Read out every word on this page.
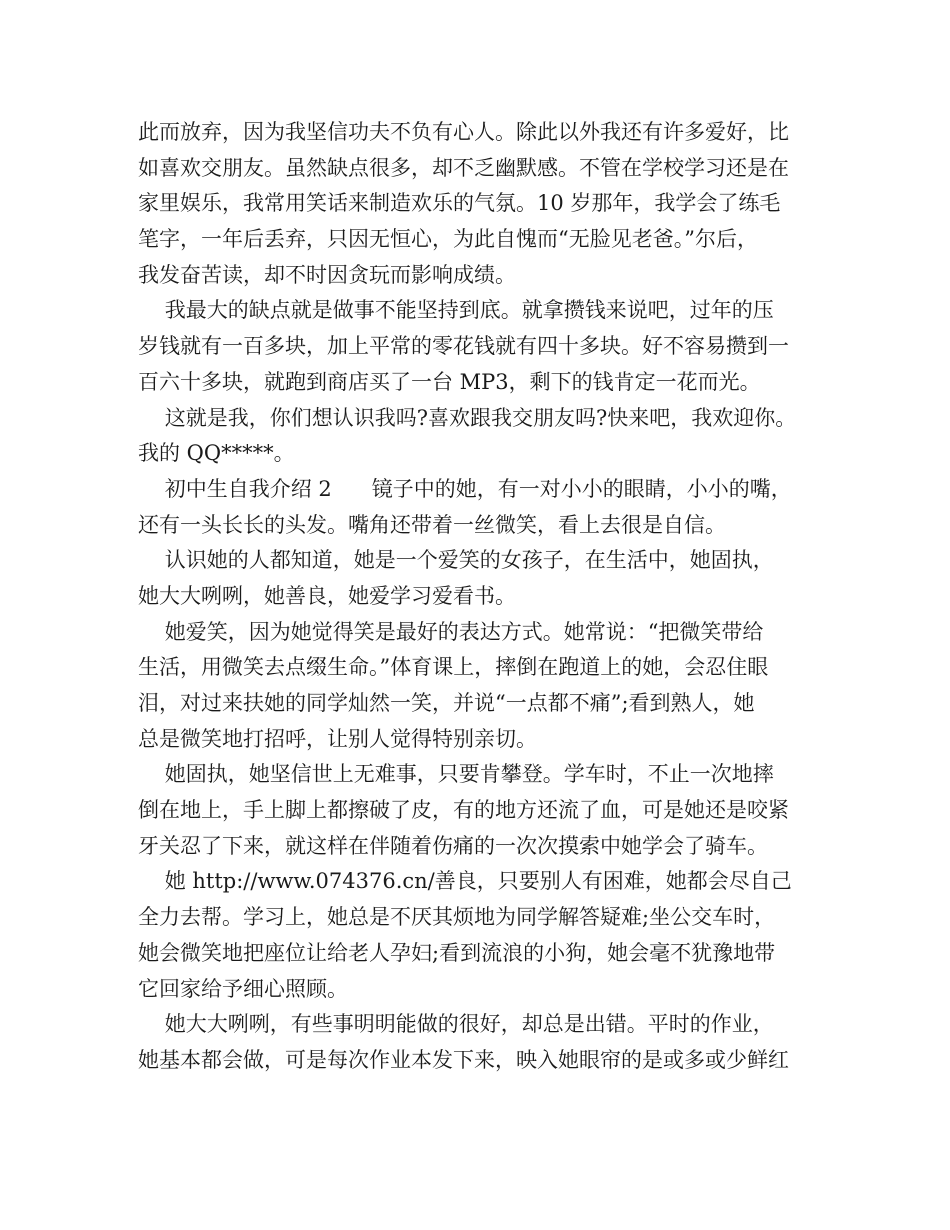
此而放弃，因为我坚信功夫不负有心人。除此以外我还有许多爱好，比
如喜欢交朋友。虽然缺点很多，却不乏幽默感。不管在学校学习还是在
家里娱乐，我常用笑话来制造欢乐的气氛。10 岁那年，我学会了练毛
笔字，一年后丢弃，只因无恒心，为此自愧而“无脸见老爸。”尔后，
我发奋苦读，却不时因贪玩而影响成绩。
我最大的缺点就是做事不能坚持到底。就拿攒钱来说吧，过年的压
岁钱就有一百多块，加上平常的零花钱就有四十多块。好不容易攒到一
百六十多块，就跑到商店买了一台 MP3，剩下的钱肯定一花而光。
这就是我，你们想认识我吗?喜欢跟我交朋友吗?快来吧，我欢迎你。
我的 QQ*****。
初中生自我介绍 2      镜子中的她，有一对小小的眼睛，小小的嘴，
还有一头长长的头发。嘴角还带着一丝微笑，看上去很是自信。
认识她的人都知道，她是一个爱笑的女孩子，在生活中，她固执，
她大大咧咧，她善良，她爱学习爱看书。
她爱笑，因为她觉得笑是最好的表达方式。她常说：“把微笑带给
生活，用微笑去点缀生命。”体育课上，摔倒在跑道上的她，会忍住眼
泪，对过来扶她的同学灿然一笑，并说“一点都不痛”;看到熟人，她
总是微笑地打招呼，让别人觉得特别亲切。
她固执，她坚信世上无难事，只要肯攀登。学车时，不止一次地摔
倒在地上，手上脚上都擦破了皮，有的地方还流了血，可是她还是咬紧
牙关忍了下来，就这样在伴随着伤痛的一次次摸索中她学会了骑车。
她 http://www.074376.cn/善良，只要别人有困难，她都会尽自己
全力去帮。学习上，她总是不厌其烦地为同学解答疑难;坐公交车时，
她会微笑地把座位让给老人孕妇;看到流浪的小狗，她会毫不犹豫地带
它回家给予细心照顾。
她大大咧咧，有些事明明能做的很好，却总是出错。平时的作业，
她基本都会做，可是每次作业本发下来，映入她眼帘的是或多或少鲜红
